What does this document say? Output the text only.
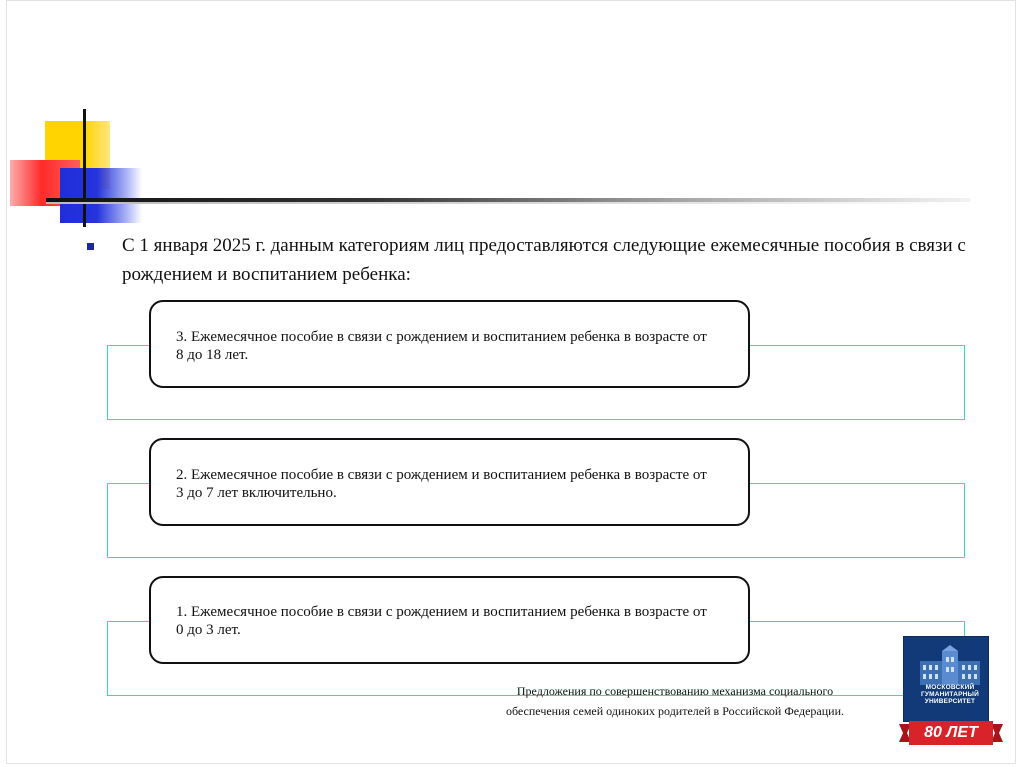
С 1 января 2025 г. данным категориям лиц предоставляются следующие ежемесячные пособия в связи с рождением и воспитанием ребенка:
3. Ежемесячное пособие в связи с рождением и воспитанием ребенка в возрасте от 8 до 18 лет.
2. Ежемесячное пособие в связи с рождением и воспитанием ребенка в возрасте от 3 до 7 лет включительно.
1. Ежемесячное пособие в связи с рождением и воспитанием ребенка в возрасте от 0 до 3 лет.
Предложения по совершенствованию механизма социального
обеспечения семей одиноких родителей в Российской Федерации.
МОСКОВСКИЙ ГУМАНИТАРНЫЙ УНИВЕРСИТЕТ
80 ЛЕТ
